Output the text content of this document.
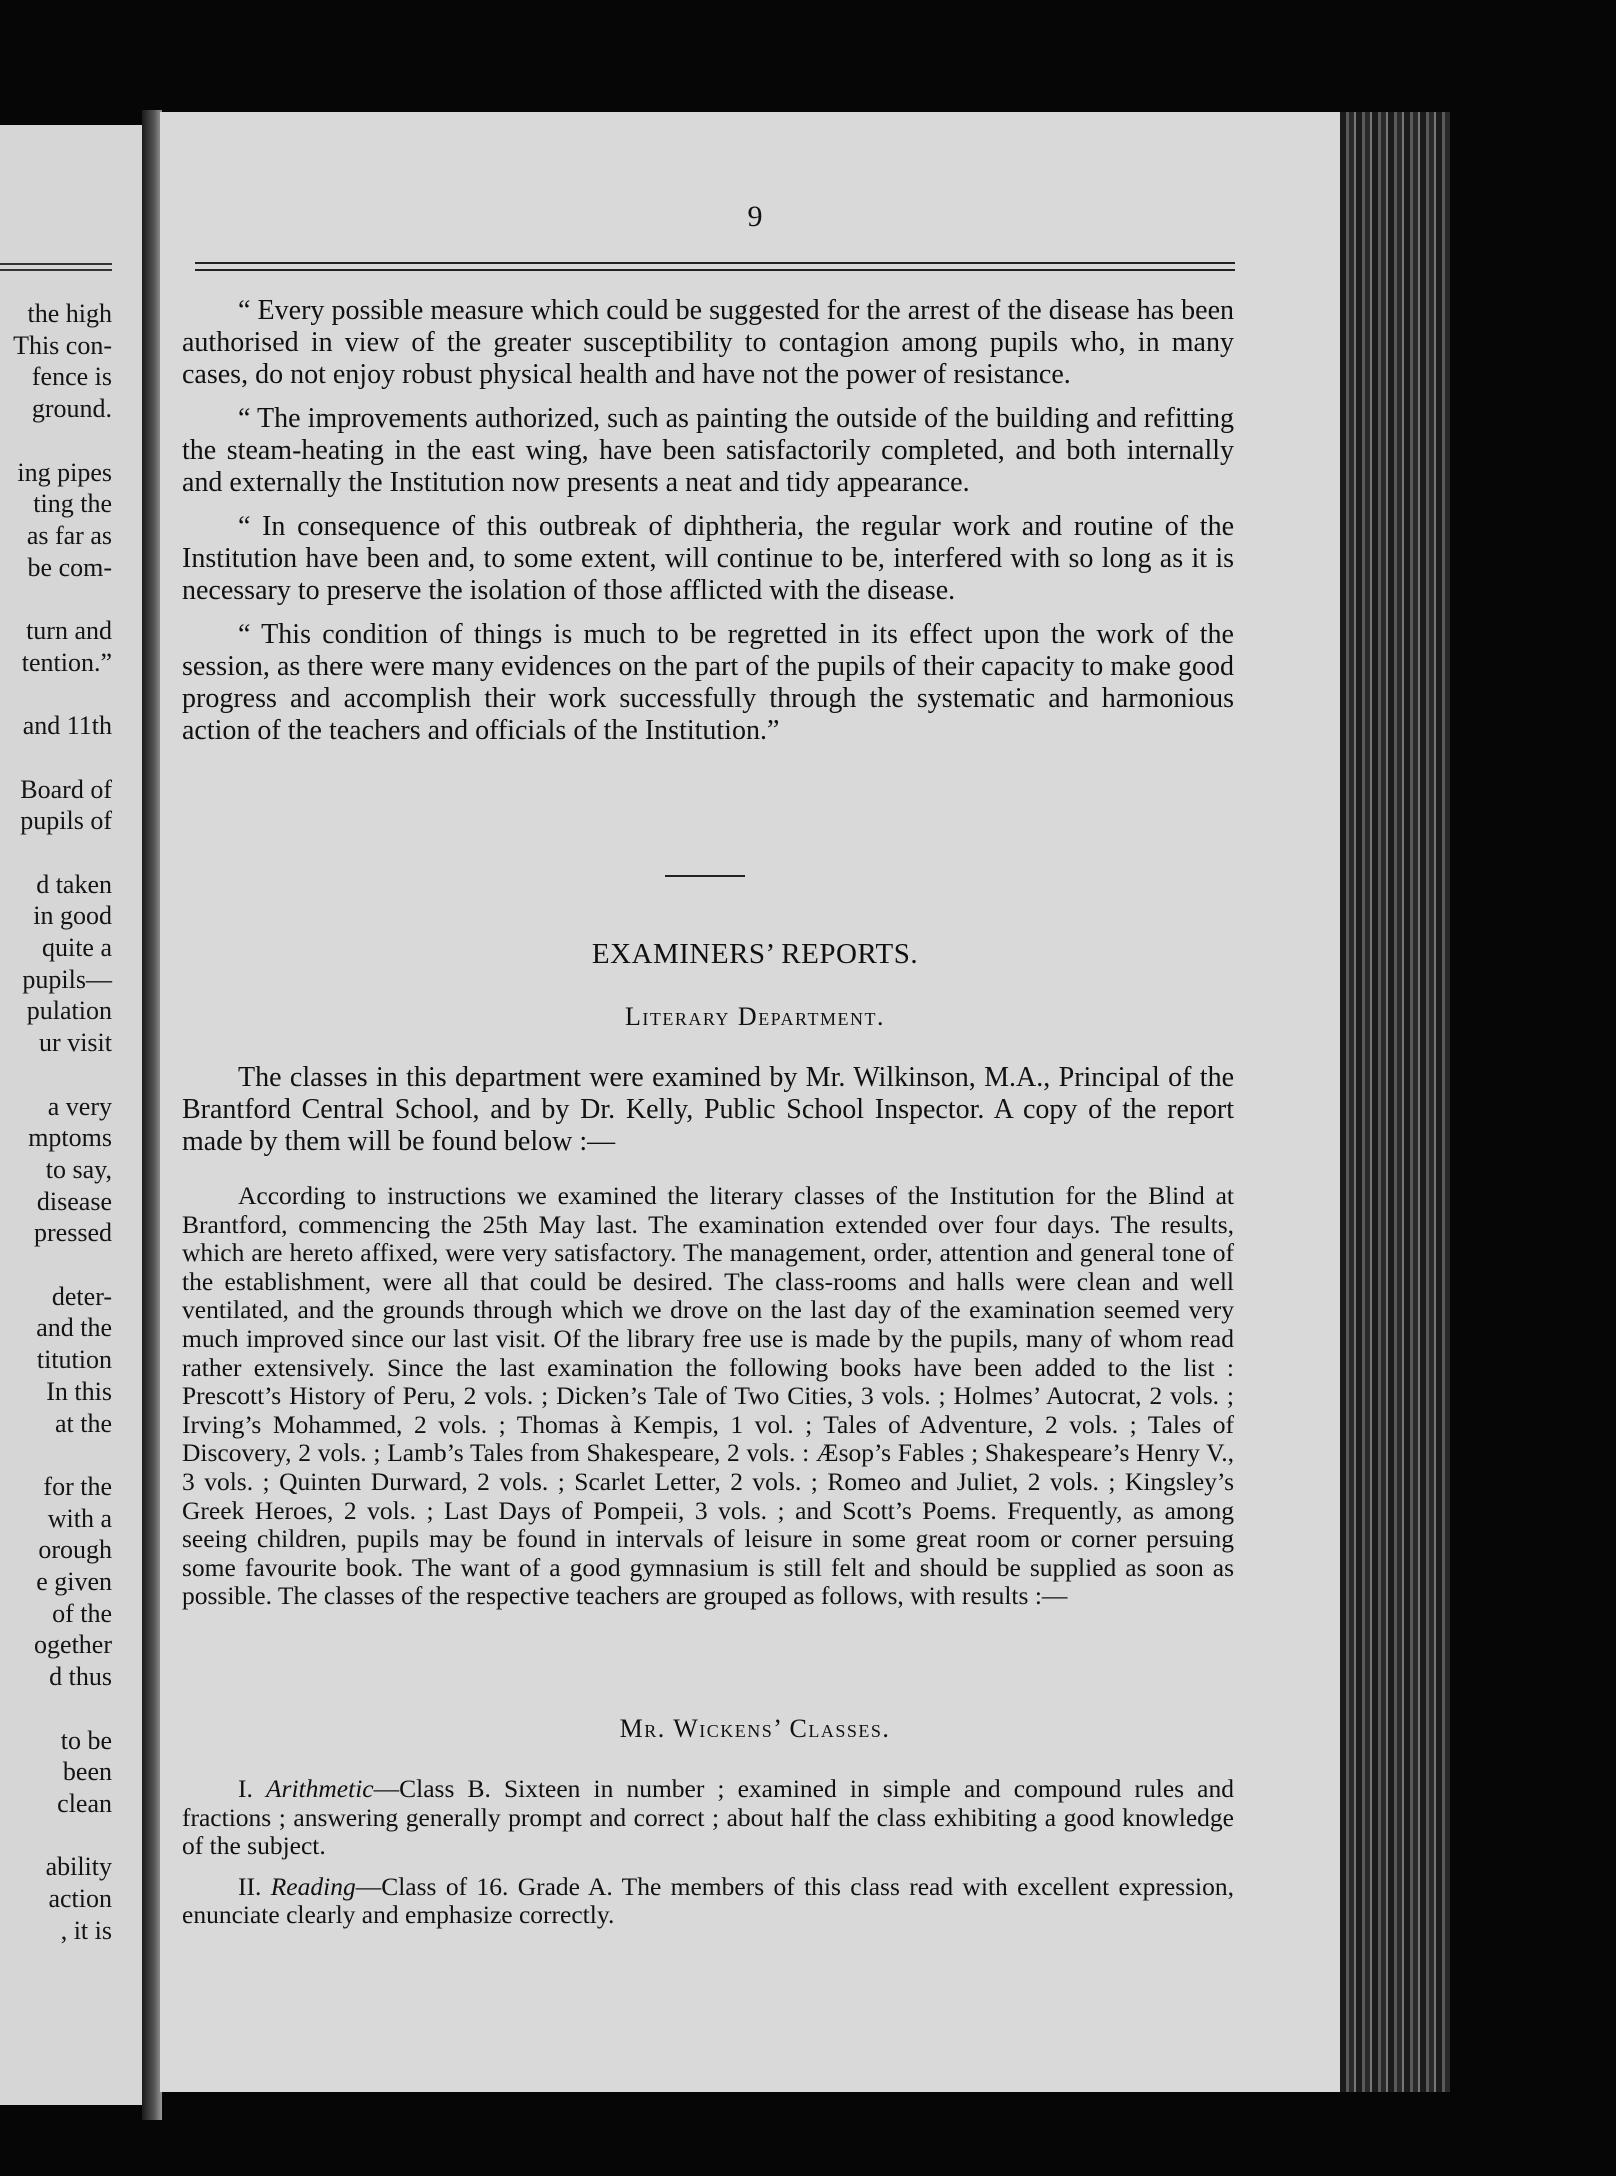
the high
This con-
fence is
ground.
ing pipes
ting the
as far as
be com-
turn and
tention.”
and 11th
Board of
pupils of
d taken
in good
quite a
pupils—
pulation
ur visit
a very
mptoms
to say,
disease
pressed
deter-
and the
titution
In this
at the
for the
with a
orough
e given
of the
ogether
d thus
to be
been
clean
ability
action
, it is
9

“ Every possible measure which could be suggested for the arrest of the disease has been authorised in view of the greater susceptibility to contagion among pupils who, in many cases, do not enjoy robust physical health and have not the power of resistance.

“ The improvements authorized, such as painting the outside of the building and refitting the steam-heating in the east wing, have been satisfactorily completed, and both internally and externally the Institution now presents a neat and tidy appearance.

“ In consequence of this outbreak of diphtheria, the regular work and routine of the Institution have been and, to some extent, will continue to be, interfered with so long as it is necessary to preserve the isolation of those afflicted with the disease.

“ This condition of things is much to be regretted in its effect upon the work of the session, as there were many evidences on the part of the pupils of their capacity to make good progress and accomplish their work successfully through the systematic and harmonious action of the teachers and officials of the Institution.”

EXAMINERS’ REPORTS.
Literary Department.

The classes in this department were examined by Mr. Wilkinson, M.A., Principal of the Brantford Central School, and by Dr. Kelly, Public School Inspector. A copy of the report made by them will be found below :—

According to instructions we examined the literary classes of the Institution for the Blind at Brantford, commencing the 25th May last. The examination extended over four days. The results, which are hereto affixed, were very satisfactory. The management, order, attention and general tone of the establishment, were all that could be desired. The class-rooms and halls were clean and well ventilated, and the grounds through which we drove on the last day of the examination seemed very much improved since our last visit. Of the library free use is made by the pupils, many of whom read rather extensively. Since the last examination the following books have been added to the list : Prescott’s History of Peru, 2 vols. ; Dicken’s Tale of Two Cities, 3 vols. ; Holmes’ Autocrat, 2 vols. ; Irving’s Mohammed, 2 vols. ; Thomas à Kempis, 1 vol. ; Tales of Adventure, 2 vols. ; Tales of Discovery, 2 vols. ; Lamb’s Tales from Shakespeare, 2 vols. : Æsop’s Fables ; Shakespeare’s Henry V., 3 vols. ; Quinten Durward, 2 vols. ; Scarlet Letter, 2 vols. ; Romeo and Juliet, 2 vols. ; Kingsley’s Greek Heroes, 2 vols. ; Last Days of Pompeii, 3 vols. ; and Scott’s Poems. Frequently, as among seeing children, pupils may be found in intervals of leisure in some great room or corner persuing some favourite book. The want of a good gymnasium is still felt and should be supplied as soon as possible. The classes of the respective teachers are grouped as follows, with results :—

Mr. Wickens’ Classes.

I. Arithmetic—Class B. Sixteen in number ; examined in simple and compound rules and fractions ; answering generally prompt and correct ; about half the class exhibiting a good knowledge of the subject.

II. Reading—Class of 16. Grade A. The members of this class read with excellent expression, enunciate clearly and emphasize correctly.
